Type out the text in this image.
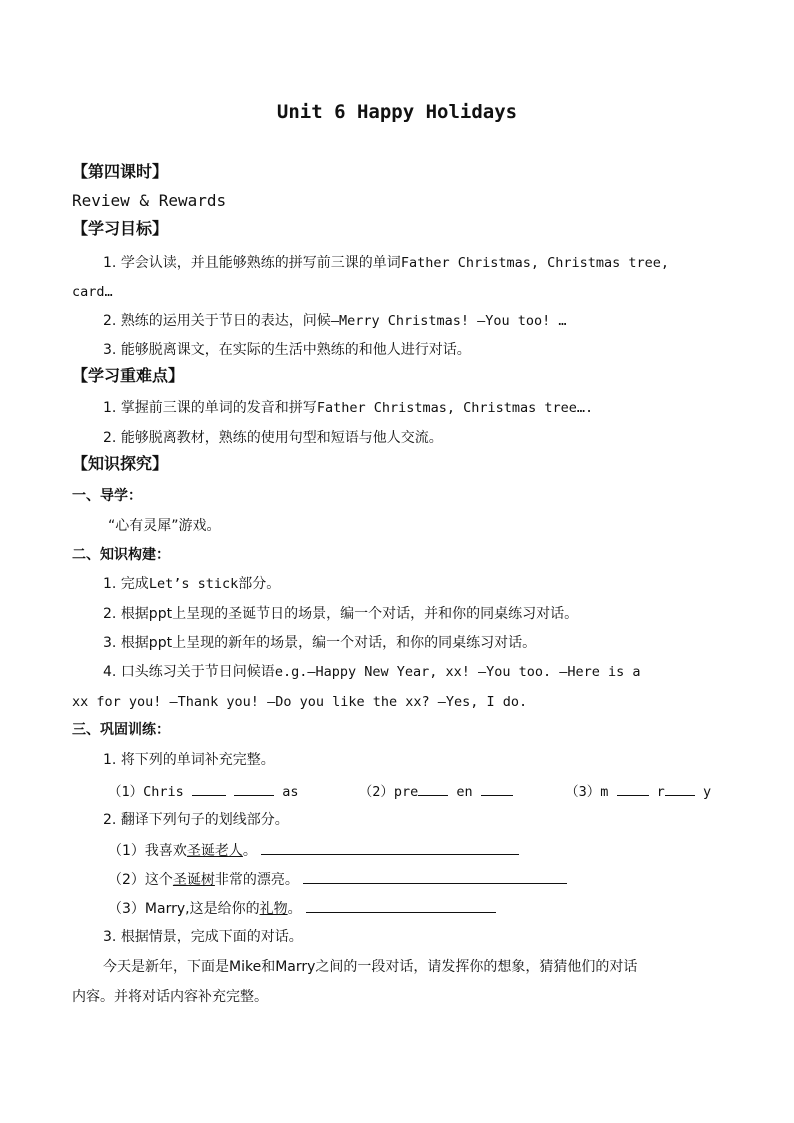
Unit 6 Happy Holidays
【第四课时】
Review & Rewards
【学习目标】
1. 学会认读，并且能够熟练的拼写前三课的单词Father Christmas, Christmas tree,
card…
2. 熟练的运用关于节日的表达，问候—Merry Christmas! —You too! …
3. 能够脱离课文，在实际的生活中熟练的和他人进行对话。
【学习重难点】
1. 掌握前三课的单词的发音和拼写Father Christmas, Christmas tree….
2. 能够脱离教材，熟练的使用句型和短语与他人交流。
【知识探究】
一、导学：
“心有灵犀”游戏。
二、知识构建：
1. 完成Let’s stick部分。
2. 根据ppt上呈现的圣诞节日的场景，编一个对话，并和你的同桌练习对话。
3. 根据ppt上呈现的新年的场景，编一个对话，和你的同桌练习对话。
4. 口头练习关于节日问候语e.g.—Happy New Year, xx! —You too. —Here is a
xx for you! —Thank you! —Do you like the xx? —Yes, I do.
三、巩固训练：
1. 将下列的单词补充完整。
（1）Chris	as	（2）pre	en	（3）m	r	y
2. 翻译下列句子的划线部分。
（1）我喜欢圣诞老人。
（2）这个圣诞树非常的漂亮。
（3）Marry,这是给你的礼物。
3. 根据情景，完成下面的对话。
今天是新年，下面是Mike和Marry之间的一段对话，请发挥你的想象，猜猜他们的对话
内容。并将对话内容补充完整。
